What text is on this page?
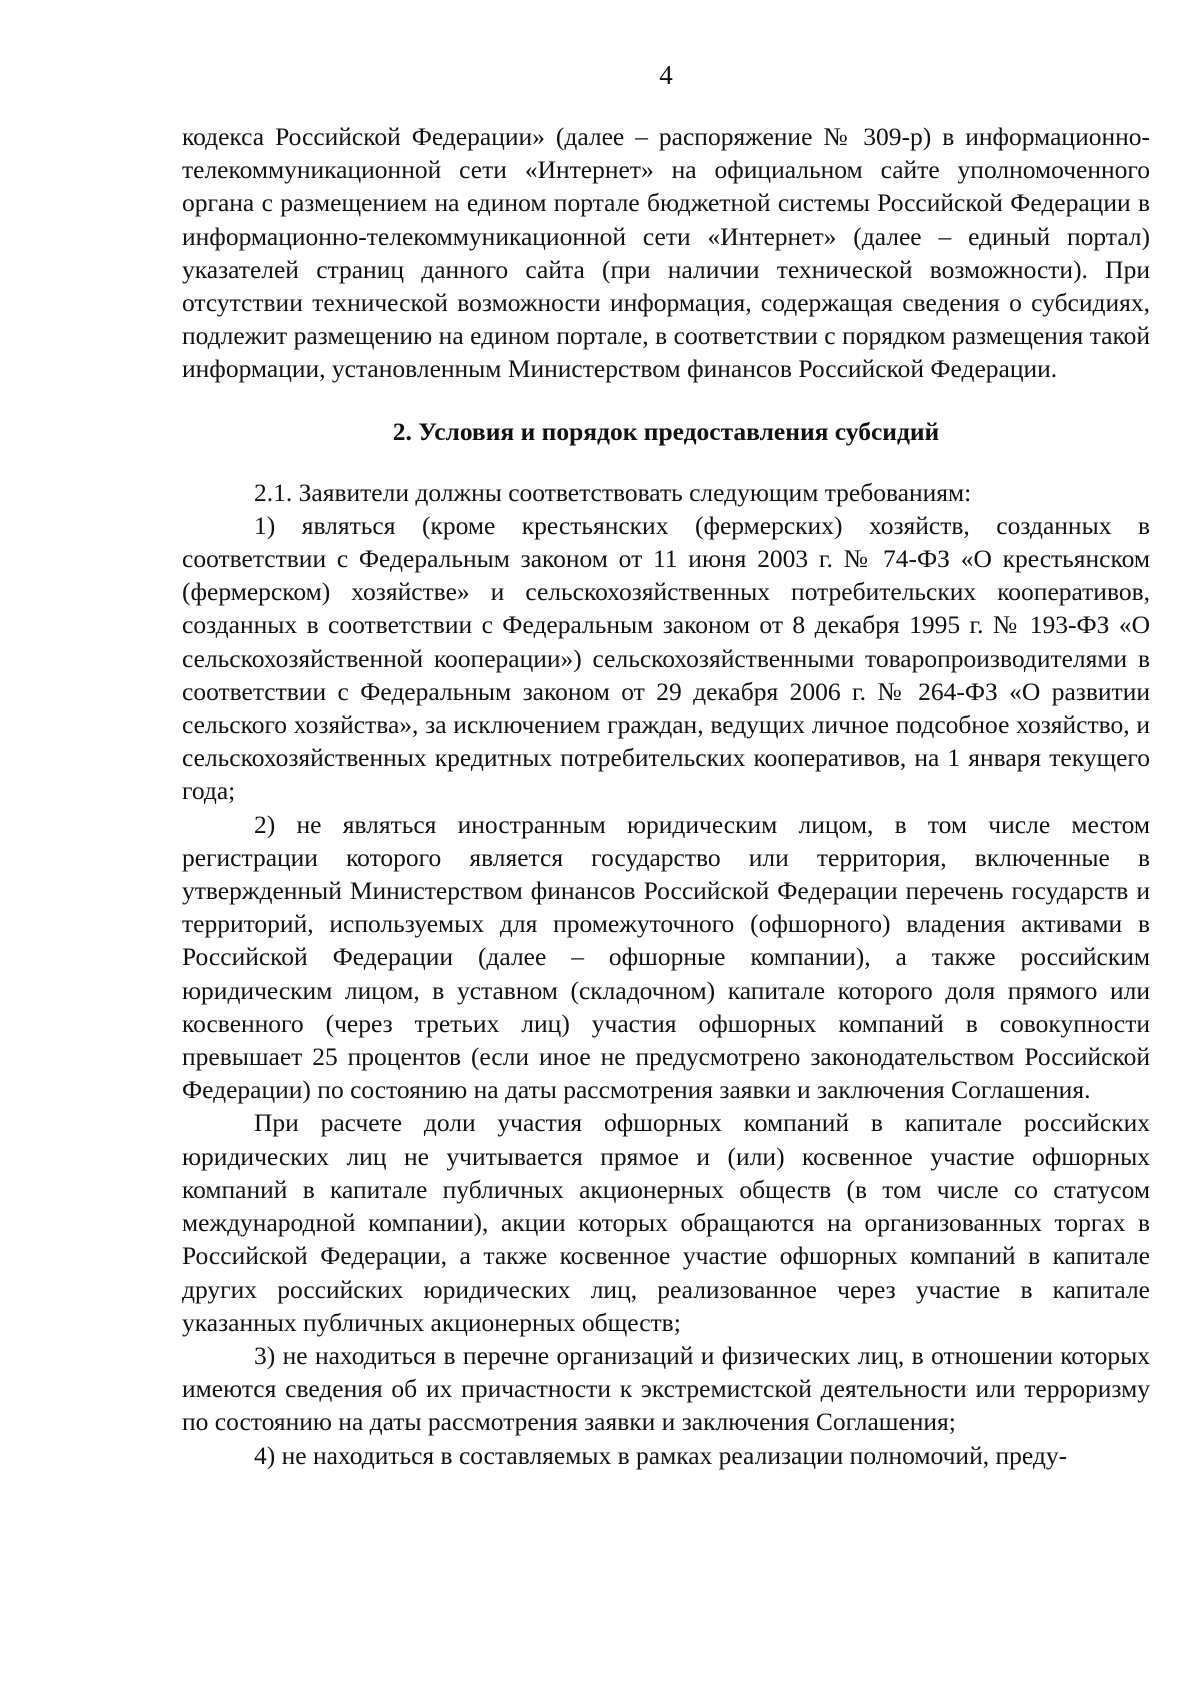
4

кодекса Российской Федерации» (далее – распоряжение № 309-р) в информационно-телекоммуникационной сети «Интернет» на официальном сайте уполномоченного органа с размещением на едином портале бюджетной системы Российской Федерации в информационно-телекоммуникационной сети «Интернет» (далее – единый портал) указателей страниц данного сайта (при наличии технической возможности). При отсутствии технической возможности информация, содержащая сведения о субсидиях, подлежит размещению на едином портале, в соответствии с порядком размещения такой информации, установленным Министерством финансов Российской Федерации.

2. Условия и порядок предоставления субсидий

2.1. Заявители должны соответствовать следующим требованиям:

1) являться (кроме крестьянских (фермерских) хозяйств, созданных в соответствии с Федеральным законом от 11 июня 2003 г. № 74-ФЗ «О крестьянском (фермерском) хозяйстве» и сельскохозяйственных потребительских кооперативов, созданных в соответствии с Федеральным законом от 8 декабря 1995 г. № 193-ФЗ «О сельскохозяйственной кооперации») сельскохозяйственными товаропроизводителями в соответствии с Федеральным законом от 29 декабря 2006 г. № 264-ФЗ «О развитии сельского хозяйства», за исключением граждан, ведущих личное подсобное хозяйство, и сельскохозяйственных кредитных потребительских кооперативов, на 1 января текущего года;

2) не являться иностранным юридическим лицом, в том числе местом регистрации которого является государство или территория, включенные в утвержденный Министерством финансов Российской Федерации перечень государств и территорий, используемых для промежуточного (офшорного) владения активами в Российской Федерации (далее – офшорные компании), а также российским юридическим лицом, в уставном (складочном) капитале которого доля прямого или косвенного (через третьих лиц) участия офшорных компаний в совокупности превышает 25 процентов (если иное не предусмотрено законодательством Российской Федерации) по состоянию на даты рассмотрения заявки и заключения Соглашения.

При расчете доли участия офшорных компаний в капитале российских юридических лиц не учитывается прямое и (или) косвенное участие офшорных компаний в капитале публичных акционерных обществ (в том числе со статусом международной компании), акции которых обращаются на организованных торгах в Российской Федерации, а также косвенное участие офшорных компаний в капитале других российских юридических лиц, реализованное через участие в капитале указанных публичных акционерных обществ;

3) не находиться в перечне организаций и физических лиц, в отношении которых имеются сведения об их причастности к экстремистской деятельности или терроризму по состоянию на даты рассмотрения заявки и заключения Соглашения;

4) не находиться в составляемых в рамках реализации полномочий, преду-
